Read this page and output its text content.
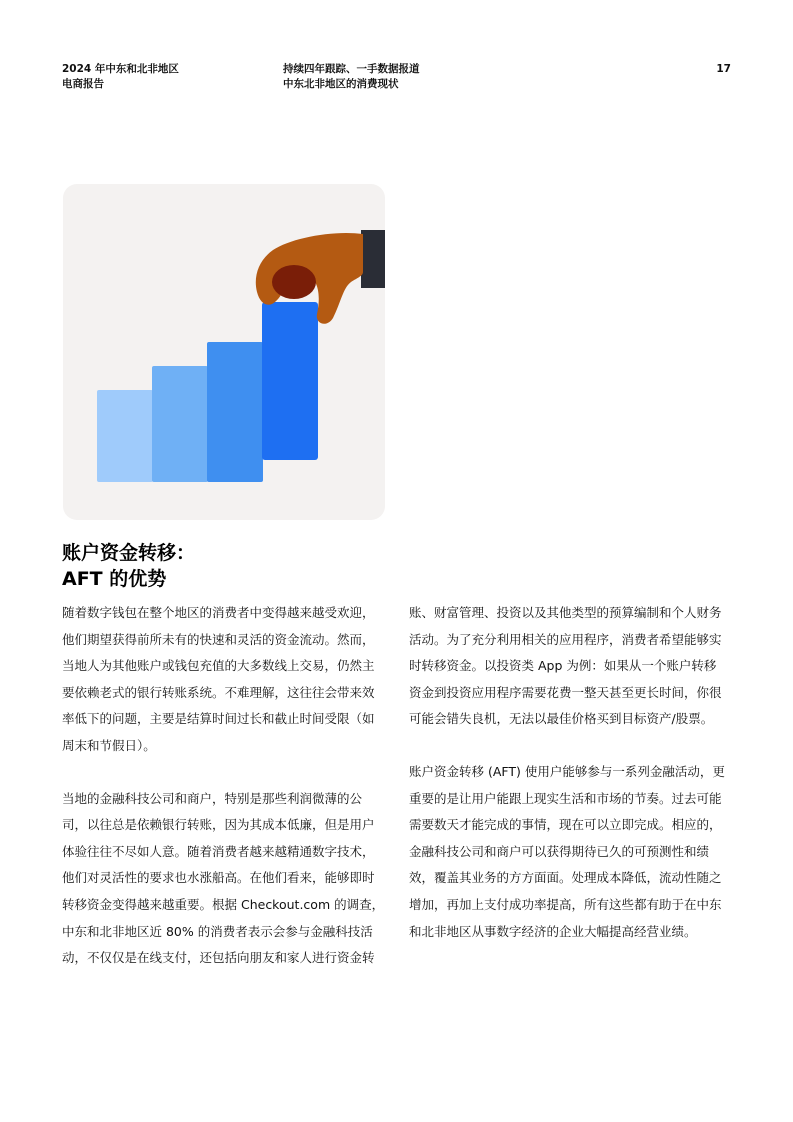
2024 年中东和北非地区
电商报告
持续四年跟踪、一手数据报道
中东北非地区的消费现状
17
账户资金转移：
AFT 的优势

随着数字钱包在整个地区的消费者中变得越来越受欢迎，
他们期望获得前所未有的快速和灵活的资金流动。然而，
当地人为其他账户或钱包充值的大多数线上交易，仍然主
要依赖老式的银行转账系统。不难理解，这往往会带来效
率低下的问题，主要是结算时间过长和截止时间受限（如
周末和节假日）。

当地的金融科技公司和商户，特别是那些利润微薄的公
司，以往总是依赖银行转账，因为其成本低廉，但是用户
体验往往不尽如人意。随着消费者越来越精通数字技术，
他们对灵活性的要求也水涨船高。在他们看来，能够即时
转移资金变得越来越重要。根据 Checkout.com 的调查，
中东和北非地区近 80% 的消费者表示会参与金融科技活
动，不仅仅是在线支付，还包括向朋友和家人进行资金转

账、财富管理、投资以及其他类型的预算编制和个人财务
活动。为了充分利用相关的应用程序，消费者希望能够实
时转移资金。以投资类 App 为例：如果从一个账户转移
资金到投资应用程序需要花费一整天甚至更长时间，你很
可能会错失良机，无法以最佳价格买到目标资产/股票。

账户资金转移 (AFT) 使用户能够参与一系列金融活动，更
重要的是让用户能跟上现实生活和市场的节奏。过去可能
需要数天才能完成的事情，现在可以立即完成。相应的，
金融科技公司和商户可以获得期待已久的可预测性和绩
效，覆盖其业务的方方面面。处理成本降低，流动性随之
增加，再加上支付成功率提高，所有这些都有助于在中东
和北非地区从事数字经济的企业大幅提高经营业绩。
